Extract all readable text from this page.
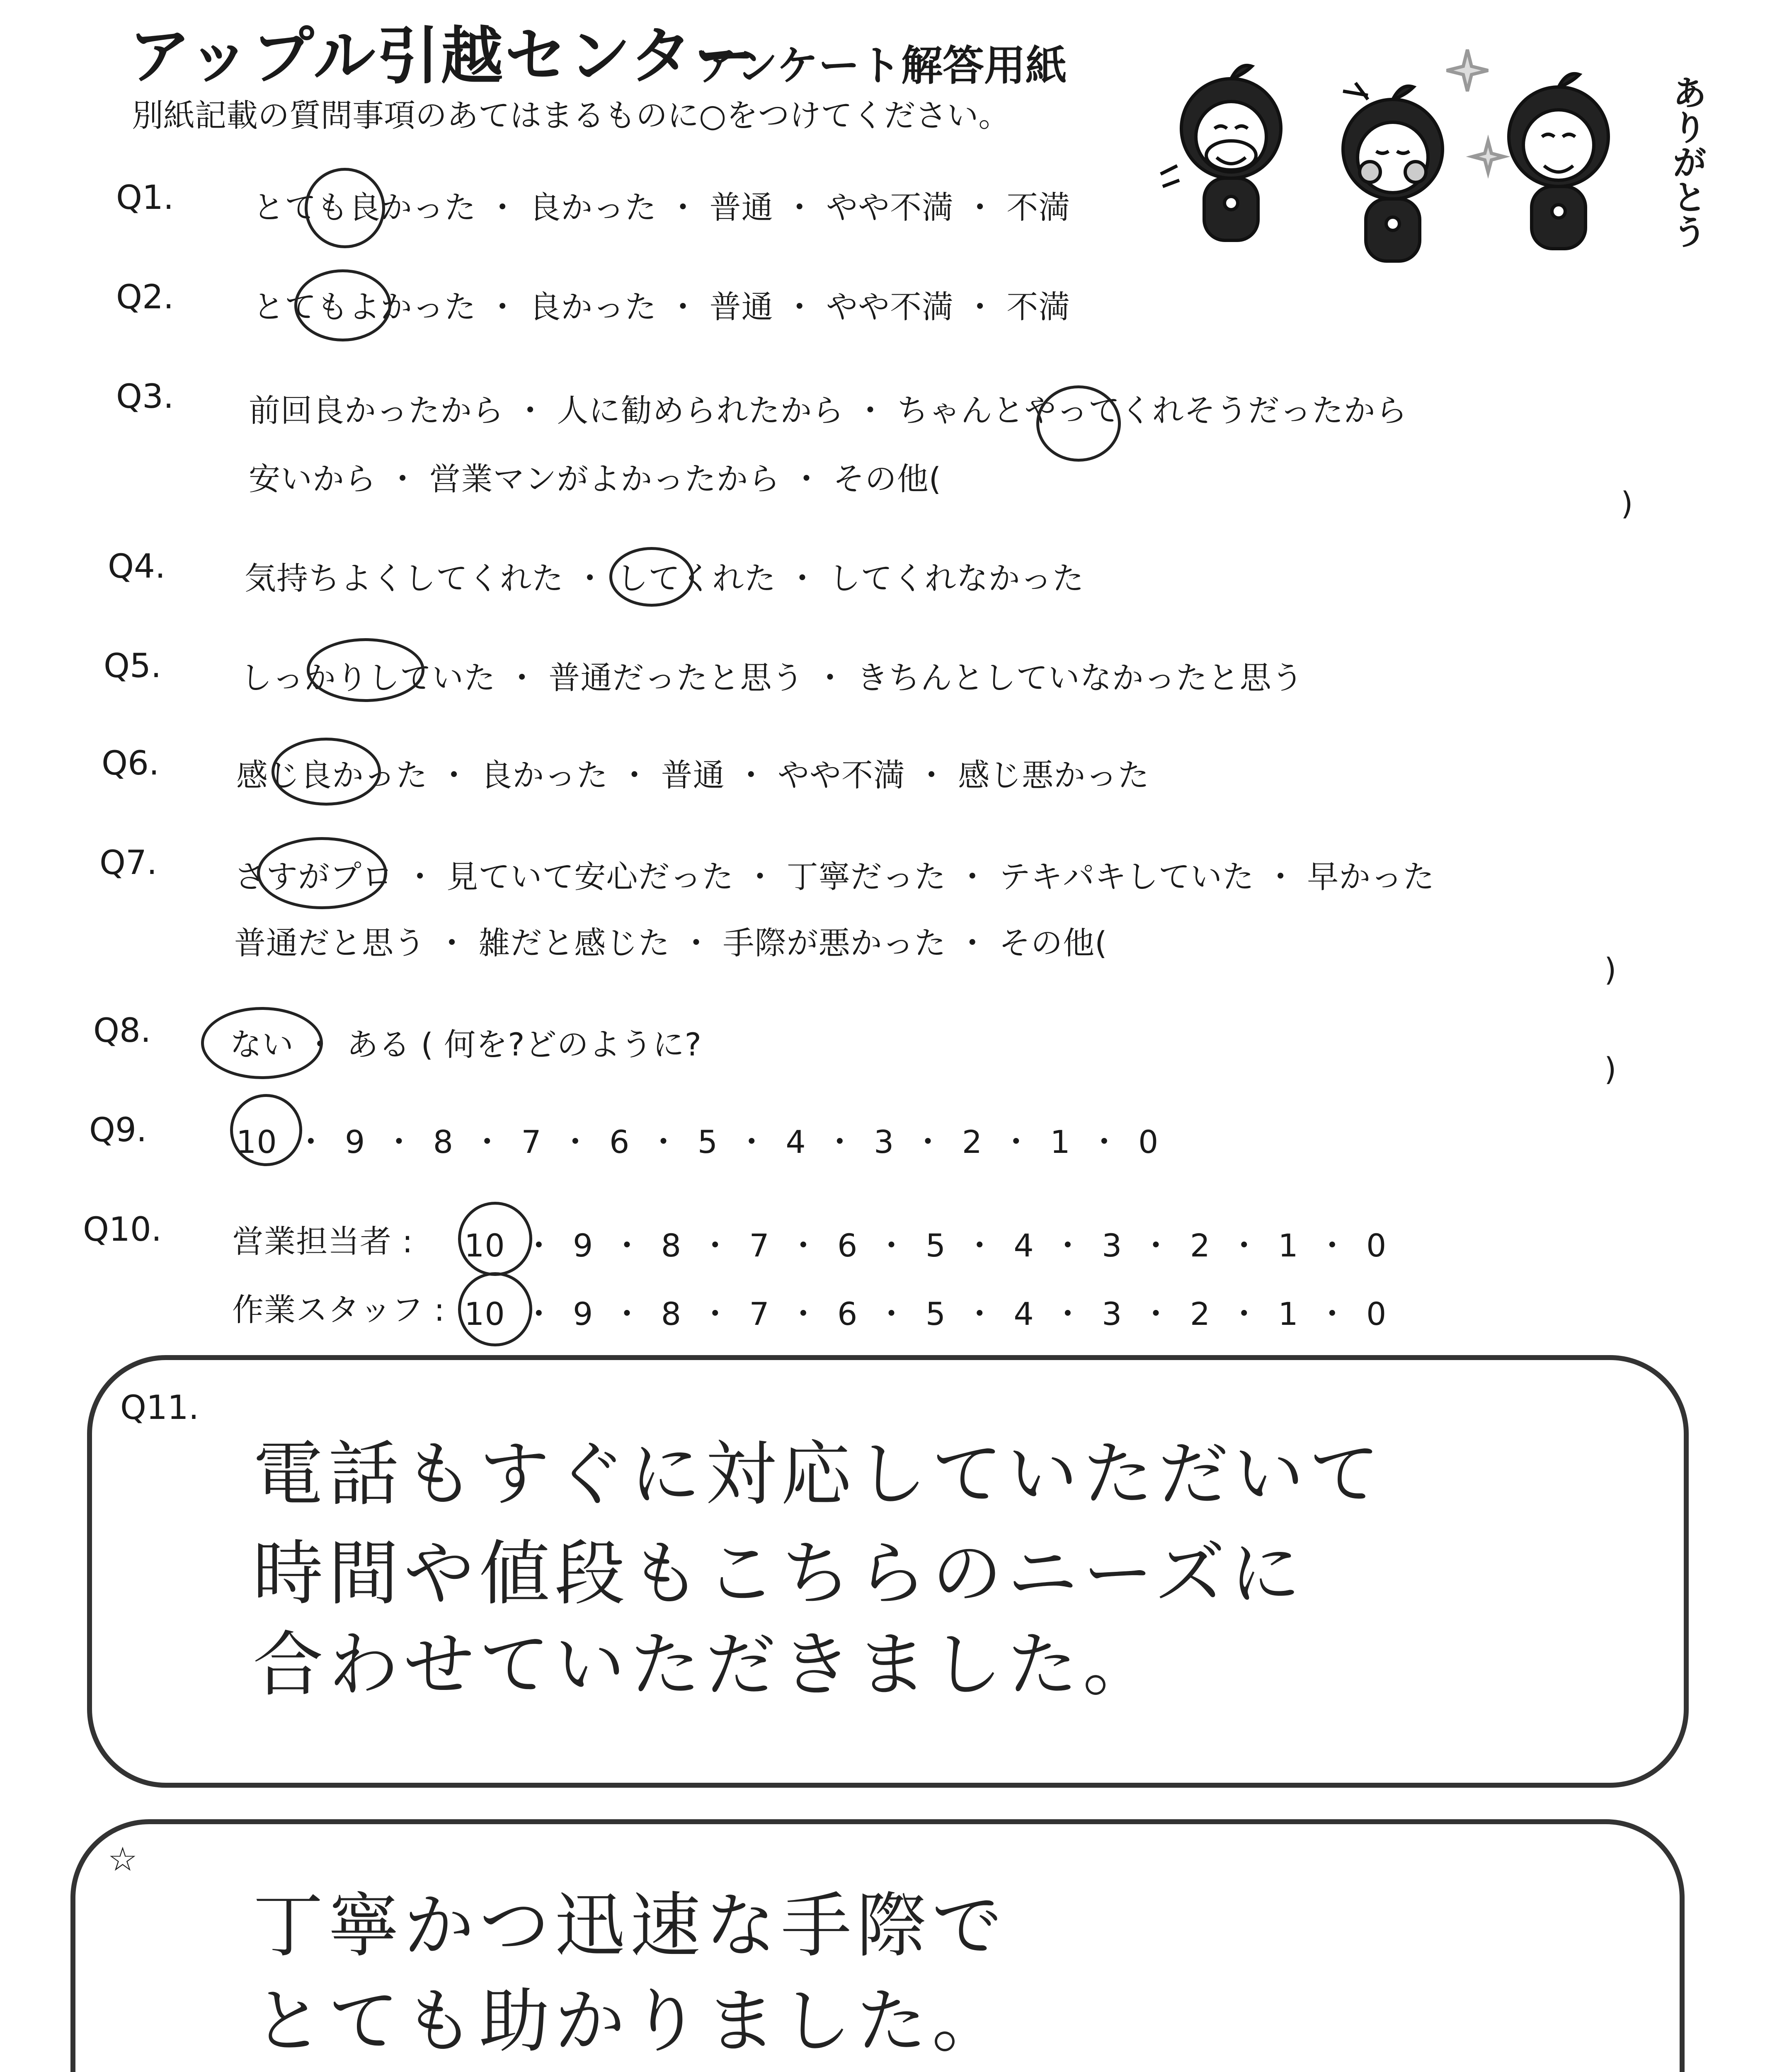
アップル引越センター
アンケート解答用紙
別紙記載の質問事項のあてはまるものに○をつけてください。	ありがとう
Q1.	とても良かった ・ 良かった ・ 普通 ・ やや不満 ・ 不満
Q2.	とてもよかった ・ 良かった ・ 普通 ・ やや不満 ・ 不満
Q3. 前回良かったから ・ 人に勧められたから ・ ちゃんとやってくれそうだったから
安いから ・ 営業マンがよかったから ・ その他(
)
Q4.	気持ちよくしてくれた ・ してくれた ・ してくれなかった
Q5.	しっかりしていた ・ 普通だったと思う ・ きちんとしていなかったと思う
Q6. 感じ良かった ・ 良かった ・ 普通 ・ やや不満 ・ 感じ悪かった
Q7. さすがプロ ・ 見ていて安心だった ・ 丁寧だった ・ テキパキしていた ・ 早かった
普通だと思う ・ 雑だと感じた ・ 手際が悪かった ・ その他(
)
Q8.	ない ・ ある ( 何を?どのように?
)
Q9.	10 ・ 9 ・ 8 ・ 7 ・ 6 ・ 5 ・ 4 ・ 3 ・ 2 ・ 1 ・ 0
Q10. 営業担当者 : 10 ・ 9 ・ 8 ・ 7 ・ 6 ・ 5 ・ 4 ・ 3 ・ 2 ・ 1 ・ 0
作業スタッフ : 10 ・ 9 ・ 8 ・ 7 ・ 6 ・ 5 ・ 4 ・ 3 ・ 2 ・ 1 ・ 0
Q11.
電話もすぐに対応していただいて
時間や値段もこちらのニーズに
合わせていただきました。
☆
丁寧かつ迅速な手際で
とても助かりました。
